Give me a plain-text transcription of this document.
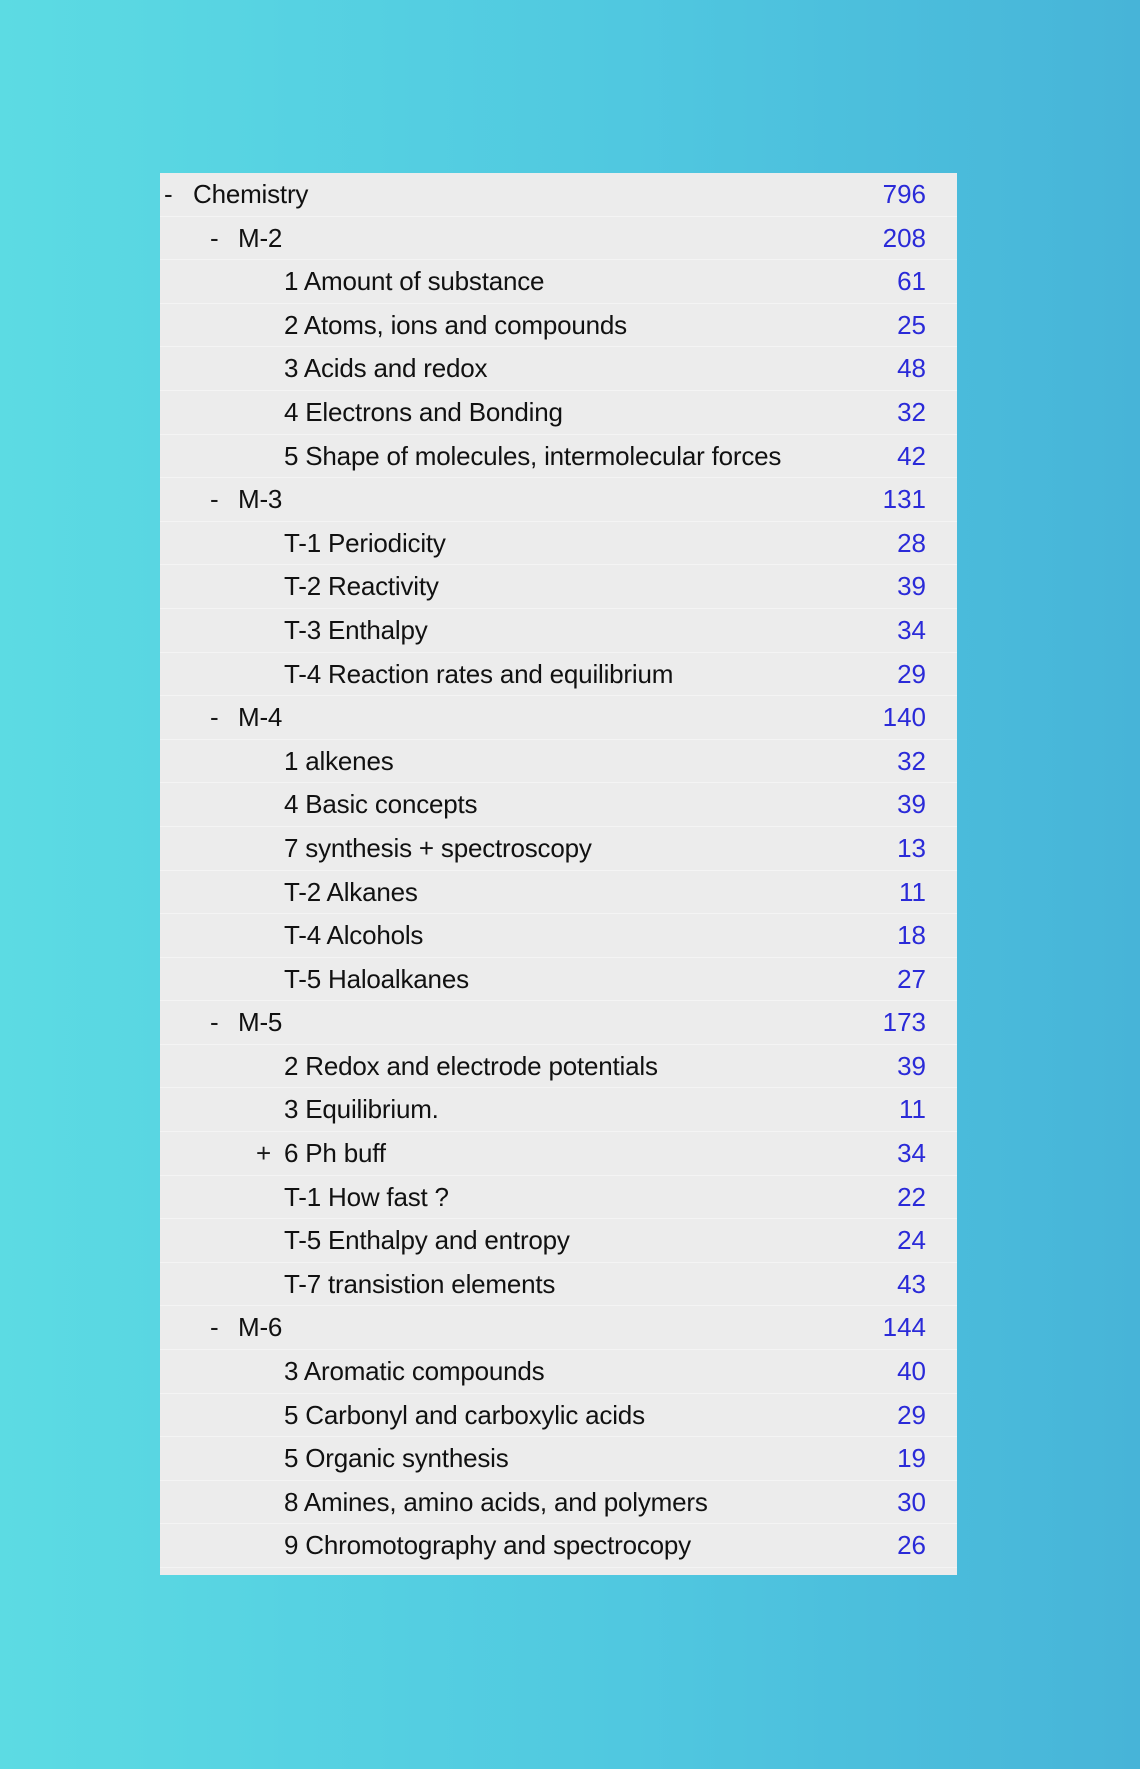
- Chemistry	796
- M-2	208
1 Amount of substance	61
2 Atoms, ions and compounds	25
3 Acids and redox	48
4 Electrons and Bonding	32
5 Shape of molecules, intermolecular forces	42
- M-3	131
T-1 Periodicity	28
T-2 Reactivity	39
T-3 Enthalpy	34
T-4 Reaction rates and equilibrium	29
- M-4	140
1 alkenes	32
4 Basic concepts	39
7 synthesis + spectroscopy	13
T-2 Alkanes	11
T-4 Alcohols	18
T-5 Haloalkanes	27
- M-5	173
2 Redox and electrode potentials	39
3 Equilibrium.	11
+ 6 Ph buff	34
T-1 How fast ?	22
T-5 Enthalpy and entropy	24
T-7 transistion elements	43
- M-6	144
3 Aromatic compounds	40
5 Carbonyl and carboxylic acids	29
5 Organic synthesis	19
8 Amines, amino acids, and polymers	30
9 Chromotography and spectrocopy	26
